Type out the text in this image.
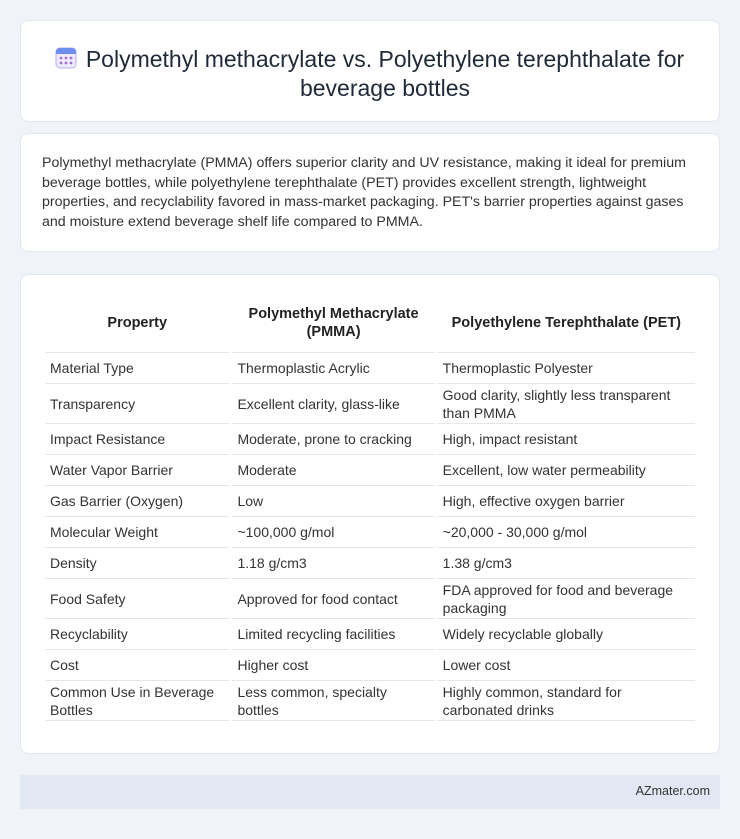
Polymethyl methacrylate vs. Polyethylene terephthalate for beverage bottles

Polymethyl methacrylate (PMMA) offers superior clarity and UV resistance, making it ideal for premium beverage bottles, while polyethylene terephthalate (PET) provides excellent strength, lightweight properties, and recyclability favored in mass-market packaging. PET's barrier properties against gases and moisture extend beverage shelf life compared to PMMA.

Property	Polymethyl Methacrylate (PMMA)	Polyethylene Terephthalate (PET)
Material Type	Thermoplastic Acrylic	Thermoplastic Polyester
Transparency	Excellent clarity, glass-like	Good clarity, slightly less transparent than PMMA
Impact Resistance	Moderate, prone to cracking	High, impact resistant
Water Vapor Barrier	Moderate	Excellent, low water permeability
Gas Barrier (Oxygen)	Low	High, effective oxygen barrier
Molecular Weight	~100,000 g/mol	~20,000 - 30,000 g/mol
Density	1.18 g/cm3	1.38 g/cm3
Food Safety	Approved for food contact	FDA approved for food and beverage packaging
Recyclability	Limited recycling facilities	Widely recyclable globally
Cost	Higher cost	Lower cost
Common Use in Beverage Bottles	Less common, specialty bottles	Highly common, standard for carbonated drinks
AZmater.com
